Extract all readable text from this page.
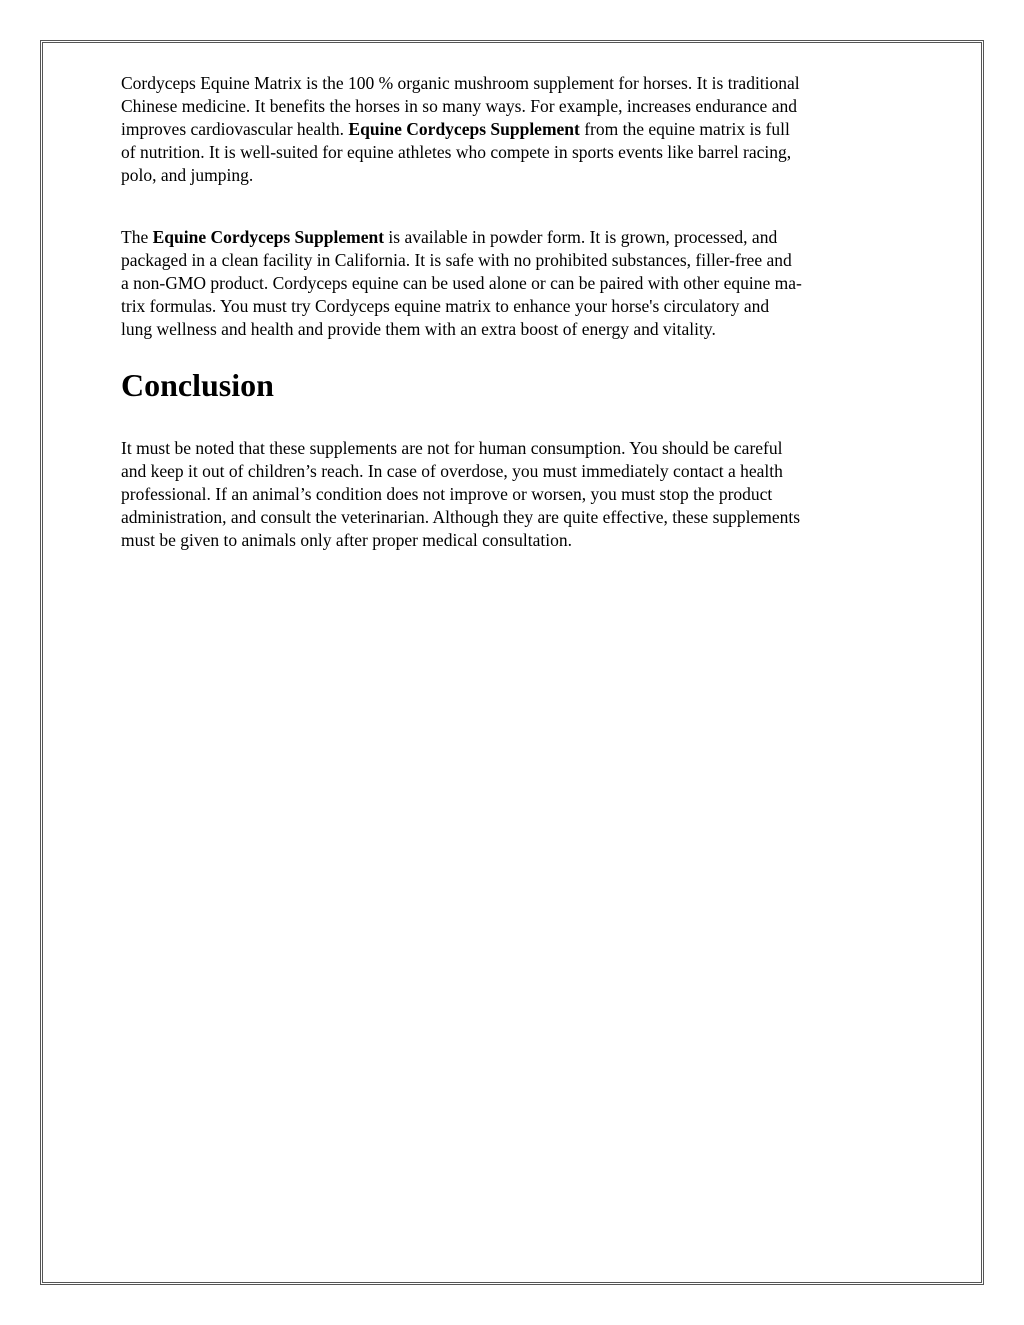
Cordyceps Equine Matrix is the 100 % organic mushroom supplement for horses. It is traditional
Chinese medicine. It benefits the horses in so many ways. For example, increases endurance and
improves cardiovascular health. Equine Cordyceps Supplement from the equine matrix is full
of nutrition. It is well-suited for equine athletes who compete in sports events like barrel racing,
polo, and jumping.

The Equine Cordyceps Supplement is available in powder form. It is grown, processed, and
packaged in a clean facility in California. It is safe with no prohibited substances, filler-free and
a non-GMO product. Cordyceps equine can be used alone or can be paired with other equine ma-
trix formulas. You must try Cordyceps equine matrix to enhance your horse's circulatory and
lung wellness and health and provide them with an extra boost of energy and vitality.

Conclusion

It must be noted that these supplements are not for human consumption. You should be careful
and keep it out of children’s reach. In case of overdose, you must immediately contact a health
professional. If an animal’s condition does not improve or worsen, you must stop the product
administration, and consult the veterinarian. Although they are quite effective, these supplements
must be given to animals only after proper medical consultation.
